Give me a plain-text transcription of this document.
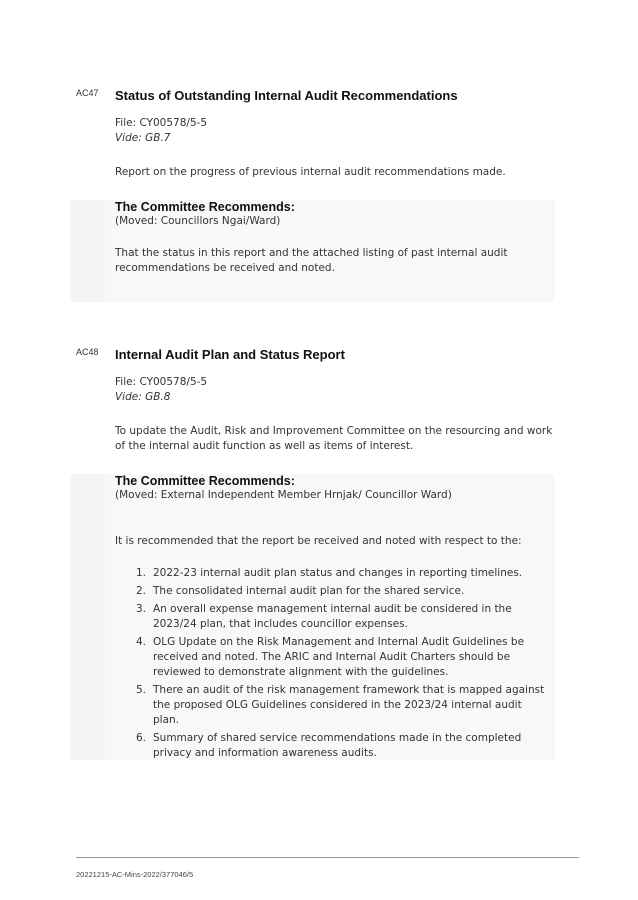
AC47 Status of Outstanding Internal Audit Recommendations
File: CY00578/5-5
Vide: GB.7
Report on the progress of previous internal audit recommendations made.
The Committee Recommends:
(Moved: Councillors Ngai/Ward)
That the status in this report and the attached listing of past internal audit recommendations be received and noted.
AC48 Internal Audit Plan and Status Report
File: CY00578/5-5
Vide: GB.8
To update the Audit, Risk and Improvement Committee on the resourcing and work of the internal audit function as well as items of interest.
The Committee Recommends:
(Moved: External Independent Member Hrnjak/ Councillor Ward)
It is recommended that the report be received and noted with respect to the:
1. 2022-23 internal audit plan status and changes in reporting timelines.
2. The consolidated internal audit plan for the shared service.
3. An overall expense management internal audit be considered in the 2023/24 plan, that includes councillor expenses.
4. OLG Update on the Risk Management and Internal Audit Guidelines be received and noted. The ARIC and Internal Audit Charters should be reviewed to demonstrate alignment with the guidelines.
5. There an audit of the risk management framework that is mapped against the proposed OLG Guidelines considered in the 2023/24 internal audit plan.
6. Summary of shared service recommendations made in the completed privacy and information awareness audits.
20221215-AC-Mins-2022/377046/5
